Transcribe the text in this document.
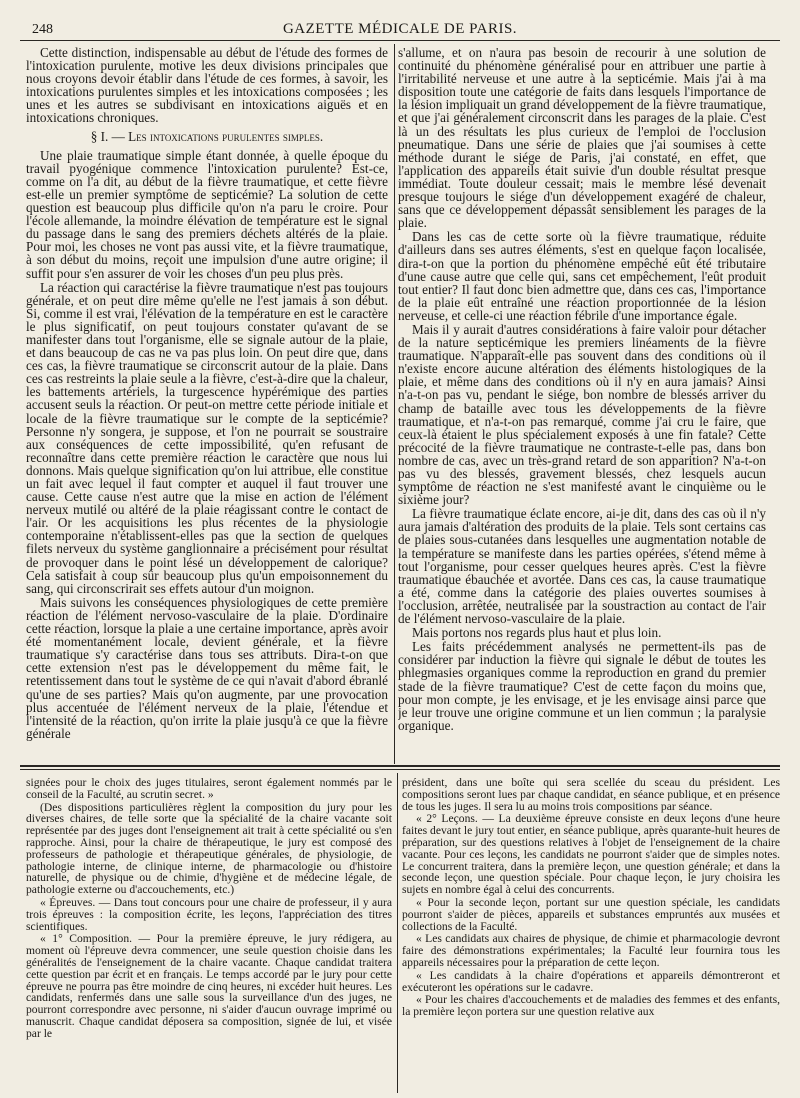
248	GAZETTE MÉDICALE DE PARIS.

Cette distinction, indispensable au début de l'étude des formes de l'intoxication purulente, motive les deux divisions principales que nous croyons devoir établir dans l'étude de ces formes, à savoir, les intoxications purulentes simples et les intoxications composées ; les unes et les autres se subdivisant en intoxications aiguës et en intoxications chroniques.

§ I. — Les intoxications purulentes simples.

Une plaie traumatique simple étant donnée, à quelle époque du travail pyogénique commence l'intoxication purulente? Est-ce, comme on l'a dit, au début de la fièvre traumatique, et cette fièvre est-elle un premier symptôme de septicémie? La solution de cette question est beaucoup plus difficile qu'on n'a paru le croire. Pour l'école allemande, la moindre élévation de température est le signal du passage dans le sang des premiers déchets altérés de la plaie. Pour moi, les choses ne vont pas aussi vite, et la fièvre traumatique, à son début du moins, reçoit une impulsion d'une autre origine; il suffit pour s'en assurer de voir les choses d'un peu plus près.

La réaction qui caractérise la fièvre traumatique n'est pas toujours générale, et on peut dire même qu'elle ne l'est jamais à son début. Si, comme il est vrai, l'élévation de la température en est le caractère le plus significatif, on peut toujours constater qu'avant de se manifester dans tout l'organisme, elle se signale autour de la plaie, et dans beaucoup de cas ne va pas plus loin. On peut dire que, dans ces cas, la fièvre traumatique se circonscrit autour de la plaie. Dans ces cas restreints la plaie seule a la fièvre, c'est-à-dire que la chaleur, les battements artériels, la turgescence hypérémique des parties accusent seuls la réaction. Or peut-on mettre cette période initiale et locale de la fièvre traumatique sur le compte de la septicémie? Personne n'y songera, je suppose, et l'on ne pourrait se soustraire aux conséquences de cette impossibilité, qu'en refusant de reconnaître dans cette première réaction le caractère que nous lui donnons. Mais quelque signification qu'on lui attribue, elle constitue un fait avec lequel il faut compter et auquel il faut trouver une cause. Cette cause n'est autre que la mise en action de l'élément nerveux mutilé ou altéré de la plaie réagissant contre le contact de l'air. Or les acquisitions les plus récentes de la physiologie contemporaine n'établissent-elles pas que la section de quelques filets nerveux du système ganglionnaire a précisément pour résultat de provoquer dans le point lésé un développement de calorique? Cela satisfait à coup sûr beaucoup plus qu'un empoisonnement du sang, qui circonscrirait ses effets autour d'un moignon.

Mais suivons les conséquences physiologiques de cette première réaction de l'élément nervoso-vasculaire de la plaie. D'ordinaire cette réaction, lorsque la plaie a une certaine importance, après avoir été momentanément locale, devient générale, et la fièvre traumatique s'y caractérise dans tous ses attributs. Dira-t-on que cette extension n'est pas le développement du même fait, le retentissement dans tout le système de ce qui n'avait d'abord ébranlé qu'une de ses parties? Mais qu'on augmente, par une provocation plus accentuée de l'élément nerveux de la plaie, l'étendue et l'intensité de la réaction, qu'on irrite la plaie jusqu'à ce que la fièvre générale

s'allume, et on n'aura pas besoin de recourir à une solution de continuité du phénomène généralisé pour en attribuer une partie à l'irritabilité nerveuse et une autre à la septicémie. Mais j'ai à ma disposition toute une catégorie de faits dans lesquels l'importance de la lésion impliquait un grand développement de la fièvre traumatique, et que j'ai généralement circonscrit dans les parages de la plaie. C'est là un des résultats les plus curieux de l'emploi de l'occlusion pneumatique. Dans une série de plaies que j'ai soumises à cette méthode durant le siége de Paris, j'ai constaté, en effet, que l'application des appareils était suivie d'un double résultat presque immédiat. Toute douleur cessait; mais le membre lésé devenait presque toujours le siége d'un développement exagéré de chaleur, sans que ce développement dépassât sensiblement les parages de la plaie.

Dans les cas de cette sorte où la fièvre traumatique, réduite d'ailleurs dans ses autres éléments, s'est en quelque façon localisée, dira-t-on que la portion du phénomène empêché eût été tributaire d'une cause autre que celle qui, sans cet empêchement, l'eût produit tout entier? Il faut donc bien admettre que, dans ces cas, l'importance de la plaie eût entraîné une réaction proportionnée de la lésion nerveuse, et celle-ci une réaction fébrile d'une importance égale.

Mais il y aurait d'autres considérations à faire valoir pour détacher de la nature septicémique les premiers linéaments de la fièvre traumatique. N'apparaît-elle pas souvent dans des conditions où il n'existe encore aucune altération des éléments histologiques de la plaie, et même dans des conditions où il n'y en aura jamais? Ainsi n'a-t-on pas vu, pendant le siége, bon nombre de blessés arriver du champ de bataille avec tous les développements de la fièvre traumatique, et n'a-t-on pas remarqué, comme j'ai cru le faire, que ceux-là étaient le plus spécialement exposés à une fin fatale? Cette précocité de la fièvre traumatique ne contraste-t-elle pas, dans bon nombre de cas, avec un très-grand retard de son apparition? N'a-t-on pas vu des blessés, gravement blessés, chez lesquels aucun symptôme de réaction ne s'est manifesté avant le cinquième ou le sixième jour?

La fièvre traumatique éclate encore, ai-je dit, dans des cas où il n'y aura jamais d'altération des produits de la plaie. Tels sont certains cas de plaies sous-cutanées dans lesquelles une augmentation notable de la température se manifeste dans les parties opérées, s'étend même à tout l'organisme, pour cesser quelques heures après. C'est la fièvre traumatique ébauchée et avortée. Dans ces cas, la cause traumatique a été, comme dans la catégorie des plaies ouvertes soumises à l'occlusion, arrêtée, neutralisée par la soustraction au contact de l'air de l'élément nervoso-vasculaire de la plaie.

Mais portons nos regards plus haut et plus loin.

Les faits précédemment analysés ne permettent-ils pas de considérer par induction la fièvre qui signale le début de toutes les phlegmasies organiques comme la reproduction en grand du premier stade de la fièvre traumatique? C'est de cette façon du moins que, pour mon compte, je les envisage, et je les envisage ainsi parce que je leur trouve une origine commune et un lien commun ; la paralysie organique.

signées pour le choix des juges titulaires, seront également nommés par le conseil de la Faculté, au scrutin secret. »

(Des dispositions particulières règlent la composition du jury pour les diverses chaires, de telle sorte que la spécialité de la chaire vacante soit représentée par des juges dont l'enseignement ait trait à cette spécialité ou s'en rapproche. Ainsi, pour la chaire de thérapeutique, le jury est composé des professeurs de pathologie et thérapeutique générales, de physiologie, de pathologie interne, de clinique interne, de pharmacologie ou d'histoire naturelle, de physique ou de chimie, d'hygiène et de médecine légale, de pathologie externe ou d'accouchements, etc.)

« Épreuves. — Dans tout concours pour une chaire de professeur, il y aura trois épreuves : la composition écrite, les leçons, l'appréciation des titres scientifiques.

« 1° Composition. — Pour la première épreuve, le jury rédigera, au moment où l'épreuve devra commencer, une seule question choisie dans les généralités de l'enseignement de la chaire vacante. Chaque candidat traitera cette question par écrit et en français. Le temps accordé par le jury pour cette épreuve ne pourra pas être moindre de cinq heures, ni excéder huit heures. Les candidats, renfermés dans une salle sous la surveillance d'un des juges, ne pourront correspondre avec personne, ni s'aider d'aucun ouvrage imprimé ou manuscrit. Chaque candidat déposera sa composition, signée de lui, et visée par le

président, dans une boîte qui sera scellée du sceau du président. Les compositions seront lues par chaque candidat, en séance publique, et en présence de tous les juges. Il sera lu au moins trois compositions par séance.

« 2° Leçons. — La deuxième épreuve consiste en deux leçons d'une heure faites devant le jury tout entier, en séance publique, après quarante-huit heures de préparation, sur des questions relatives à l'objet de l'enseignement de la chaire vacante. Pour ces leçons, les candidats ne pourront s'aider que de simples notes. Le concurrent traitera, dans la première leçon, une question générale; et dans la seconde leçon, une question spéciale. Pour chaque leçon, le jury choisira les sujets en nombre égal à celui des concurrents.

« Pour la seconde leçon, portant sur une question spéciale, les candidats pourront s'aider de pièces, appareils et substances empruntés aux musées et collections de la Faculté.

« Les candidats aux chaires de physique, de chimie et pharmacologie devront faire des démonstrations expérimentales; la Faculté leur fournira tous les appareils nécessaires pour la préparation de cette leçon.

« Les candidats à la chaire d'opérations et appareils démontreront et exécuteront les opérations sur le cadavre.

« Pour les chaires d'accouchements et de maladies des femmes et des enfants, la première leçon portera sur une question relative aux
